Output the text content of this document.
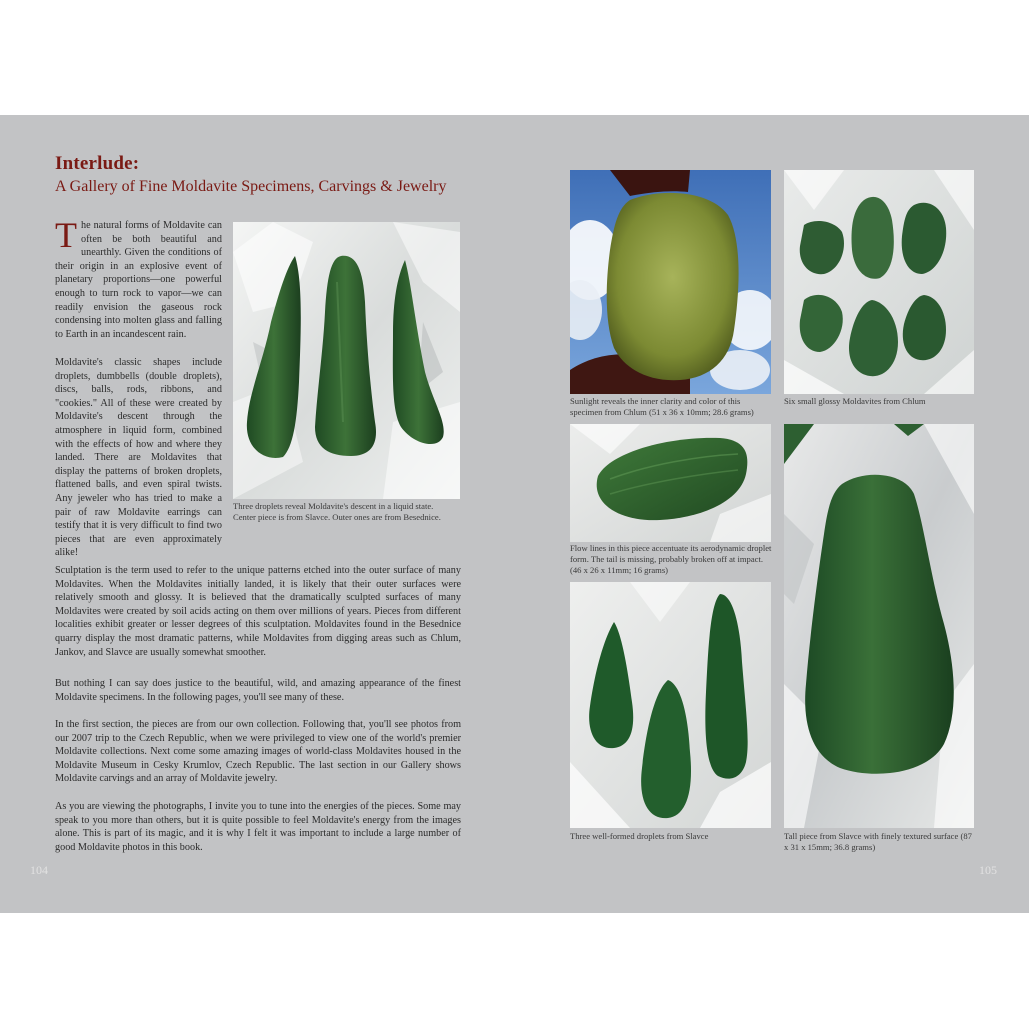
Interlude:
A Gallery of Fine Moldavite Specimens, Carvings & Jewelry

The natural forms of Moldavite can often be both beautiful and unearthly. Given the conditions of their origin in an explosive event of planetary proportions—one powerful enough to turn rock to vapor—we can readily envision the gaseous rock condensing into molten glass and falling to Earth in an incandescent rain.

Moldavite's classic shapes include droplets, dumbbells (double droplets), discs, balls, rods, ribbons, and "cookies." All of these were created by Moldavite's descent through the atmosphere in liquid form, combined with the effects of how and where they landed. There are Moldavites that display the patterns of broken droplets, flattened balls, and even spiral twists. Any jeweler who has tried to make a pair of raw Moldavite earrings can testify that it is very difficult to find two pieces that are even approximately alike!

Three droplets reveal Moldavite's descent in a liquid state. Center piece is from Slavce. Outer ones are from Besednice.

Sculptation is the term used to refer to the unique patterns etched into the outer surface of many Moldavites. When the Moldavites initially landed, it is likely that their outer surfaces were relatively smooth and glossy. It is believed that the dramatically sculpted surfaces of many Moldavites were created by soil acids acting on them over millions of years. Pieces from different localities exhibit greater or lesser degrees of this sculptation. Moldavites found in the Besednice quarry display the most dramatic patterns, while Moldavites from digging areas such as Chlum, Jankov, and Slavce are usually somewhat smoother.

But nothing I can say does justice to the beautiful, wild, and amazing appearance of the finest Moldavite specimens. In the following pages, you'll see many of these.

In the first section, the pieces are from our own collection. Following that, you'll see photos from our 2007 trip to the Czech Republic, when we were privileged to view one of the world's premier Moldavite collections. Next come some amazing images of world-class Moldavites housed in the Moldavite Museum in Cesky Krumlov, Czech Republic. The last section in our Gallery shows Moldavite carvings and an array of Moldavite jewelry.

As you are viewing the photographs, I invite you to tune into the energies of the pieces. Some may speak to you more than others, but it is quite possible to feel Moldavite's energy from the images alone. This is part of its magic, and it is why I felt it was important to include a large number of good Moldavite photos in this book.

104

Sunlight reveals the inner clarity and color of this specimen from Chlum (51 x 36 x 10mm; 28.6 grams)

Six small glossy Moldavites from Chlum

Flow lines in this piece accentuate its aerodynamic droplet form. The tail is missing, probably broken off at impact. (46 x 26 x 11mm; 16 grams)

Three well-formed droplets from Slavce	Tall piece from Slavce with finely textured surface (87 x 31 x 15mm; 36.8 grams)

105
